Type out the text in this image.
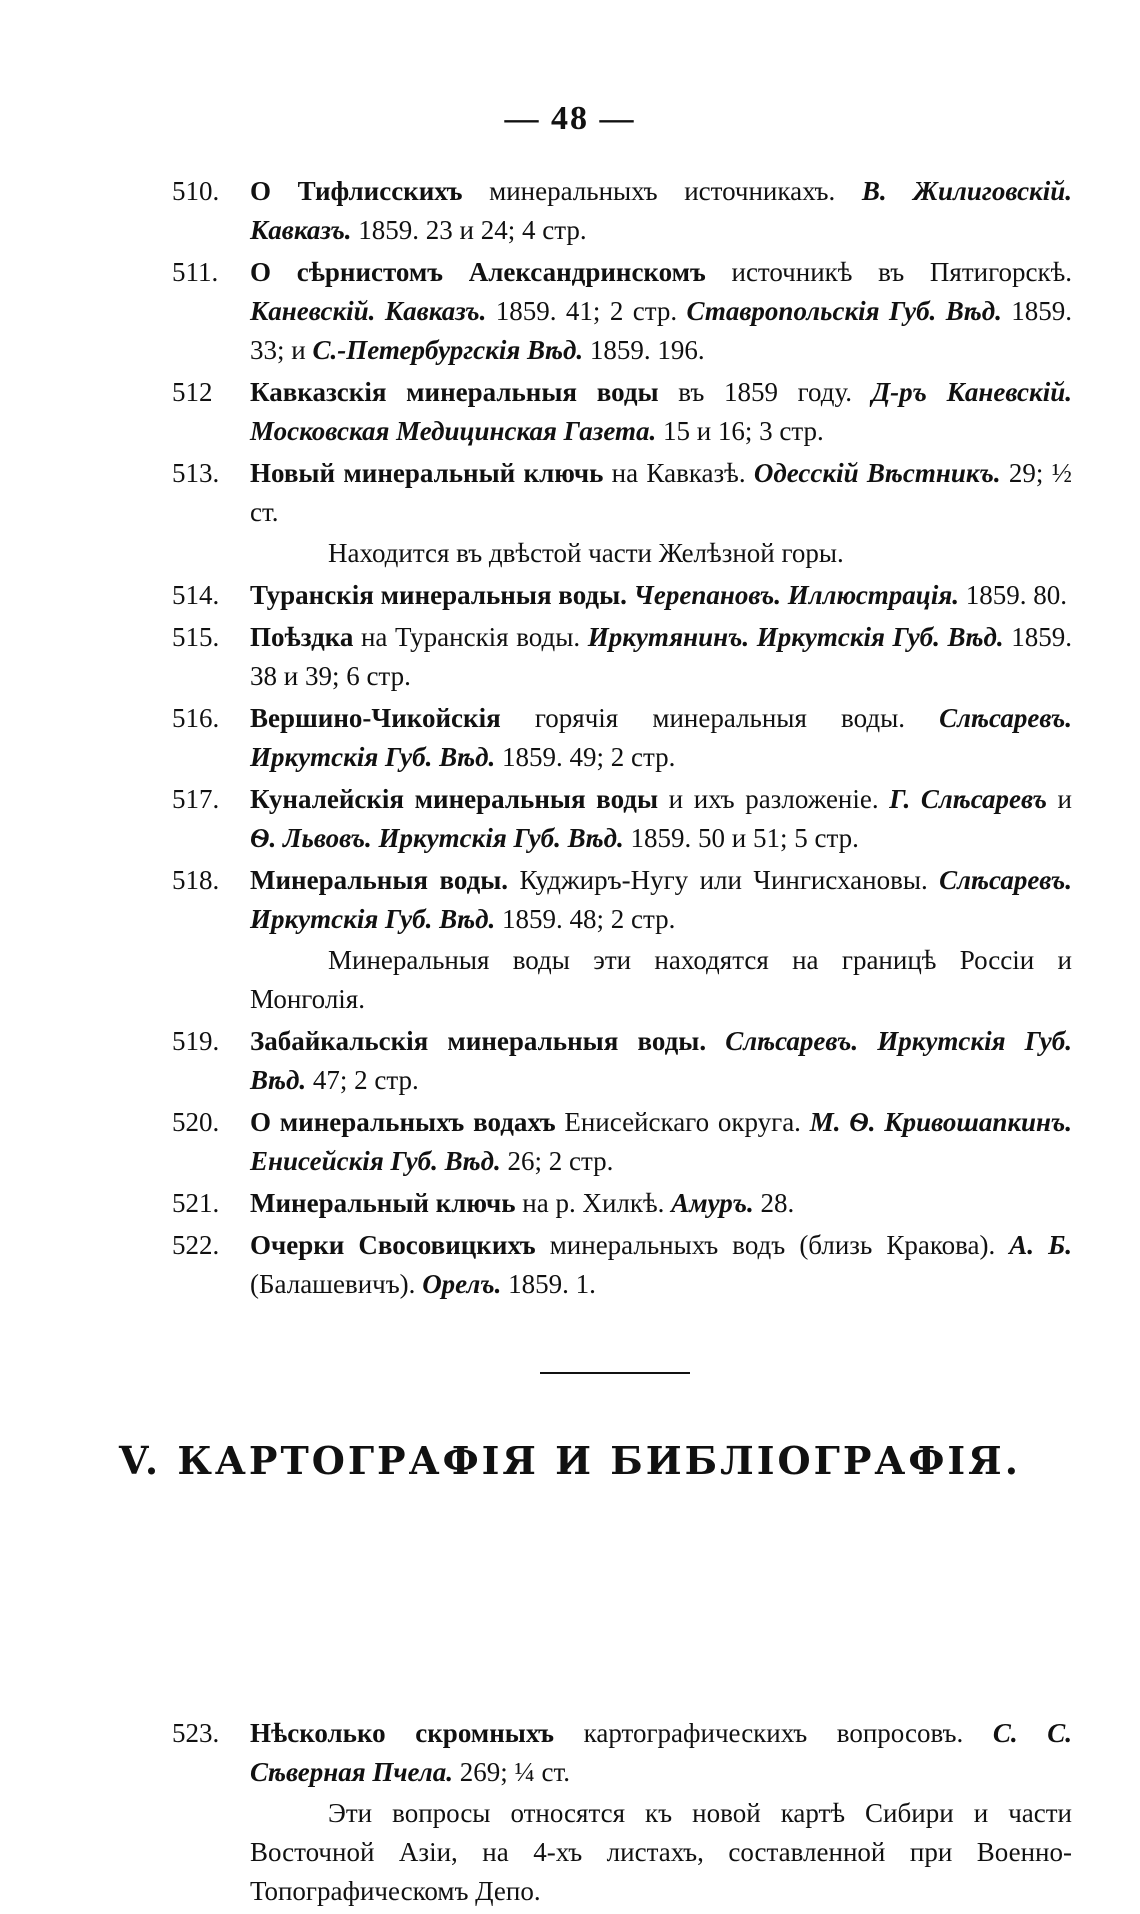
— 48 —
510. О Тифлисскихъ минеральныхъ источникахъ. В. Жилиговскій. Кавказъ. 1859. 23 и 24; 4 стр.
511. О сѣрнистомъ Александринскомъ источникѣ въ Пятигорскѣ. Каневскій. Кавказъ. 1859. 41; 2 стр. Ставропольскія Губ. Вѣд. 1859. 33; и С.-Петербургскія Вѣд. 1859. 196.
512 Кавказскія минеральныя воды въ 1859 году. Д-ръ Каневскій. Московская Медицинская Газета. 15 и 16; 3 стр.
513. Новый минеральный ключь на Кавказѣ. Одесскій Вѣстникъ. 29; ½ ст.
Находится въ двѣстой части Желѣзной горы.
514. Туранскія минеральныя воды. Черепановъ. Иллюстрація. 1859. 80.
515. Поѣздка на Туранскія воды. Иркутянинъ. Иркутскія Губ. Вѣд. 1859. 38 и 39; 6 стр.
516. Вершино-Чикойскія горячія минеральныя воды. Слѣсаревъ. Иркутскія Губ. Вѣд. 1859. 49; 2 стр.
517. Куналейскія минеральныя воды и ихъ разложеніе. Г. Слѣсаревъ и Ѳ. Львовъ. Иркутскія Губ. Вѣд. 1859. 50 и 51; 5 стр.
518. Минеральныя воды. Куджиръ-Нугу или Чингисхановы. Слѣсаревъ. Иркутскія Губ. Вѣд. 1859. 48; 2 стр.
Минеральныя воды эти находятся на границѣ Россіи и Монголія.
519. Забайкальскія минеральныя воды. Слѣсаревъ. Иркутскія Губ. Вѣд. 47; 2 стр.
520. О минеральныхъ водахъ Енисейскаго округа. М. Ѳ. Кривошапкинъ. Енисейскія Губ. Вѣд. 26; 2 стр.
521. Минеральный ключь на р. Хилкѣ. Амуръ. 28.
522. Очерки Свосовицкихъ минеральныхъ водъ (близь Кракова). А. Б. (Балашевичъ). Орелъ. 1859. 1.
V. КАРТОГРАФІЯ И БИБЛІОГРАФІЯ.
523. Нѣсколько скромныхъ картографическихъ вопросовъ. С. С. Сѣверная Пчела. 269; ¼ ст.
Эти вопросы относятся къ новой картѣ Сибири и части Восточной Азіи, на 4-хъ листахъ, составленной при Военно-Топографическомъ Депо.
